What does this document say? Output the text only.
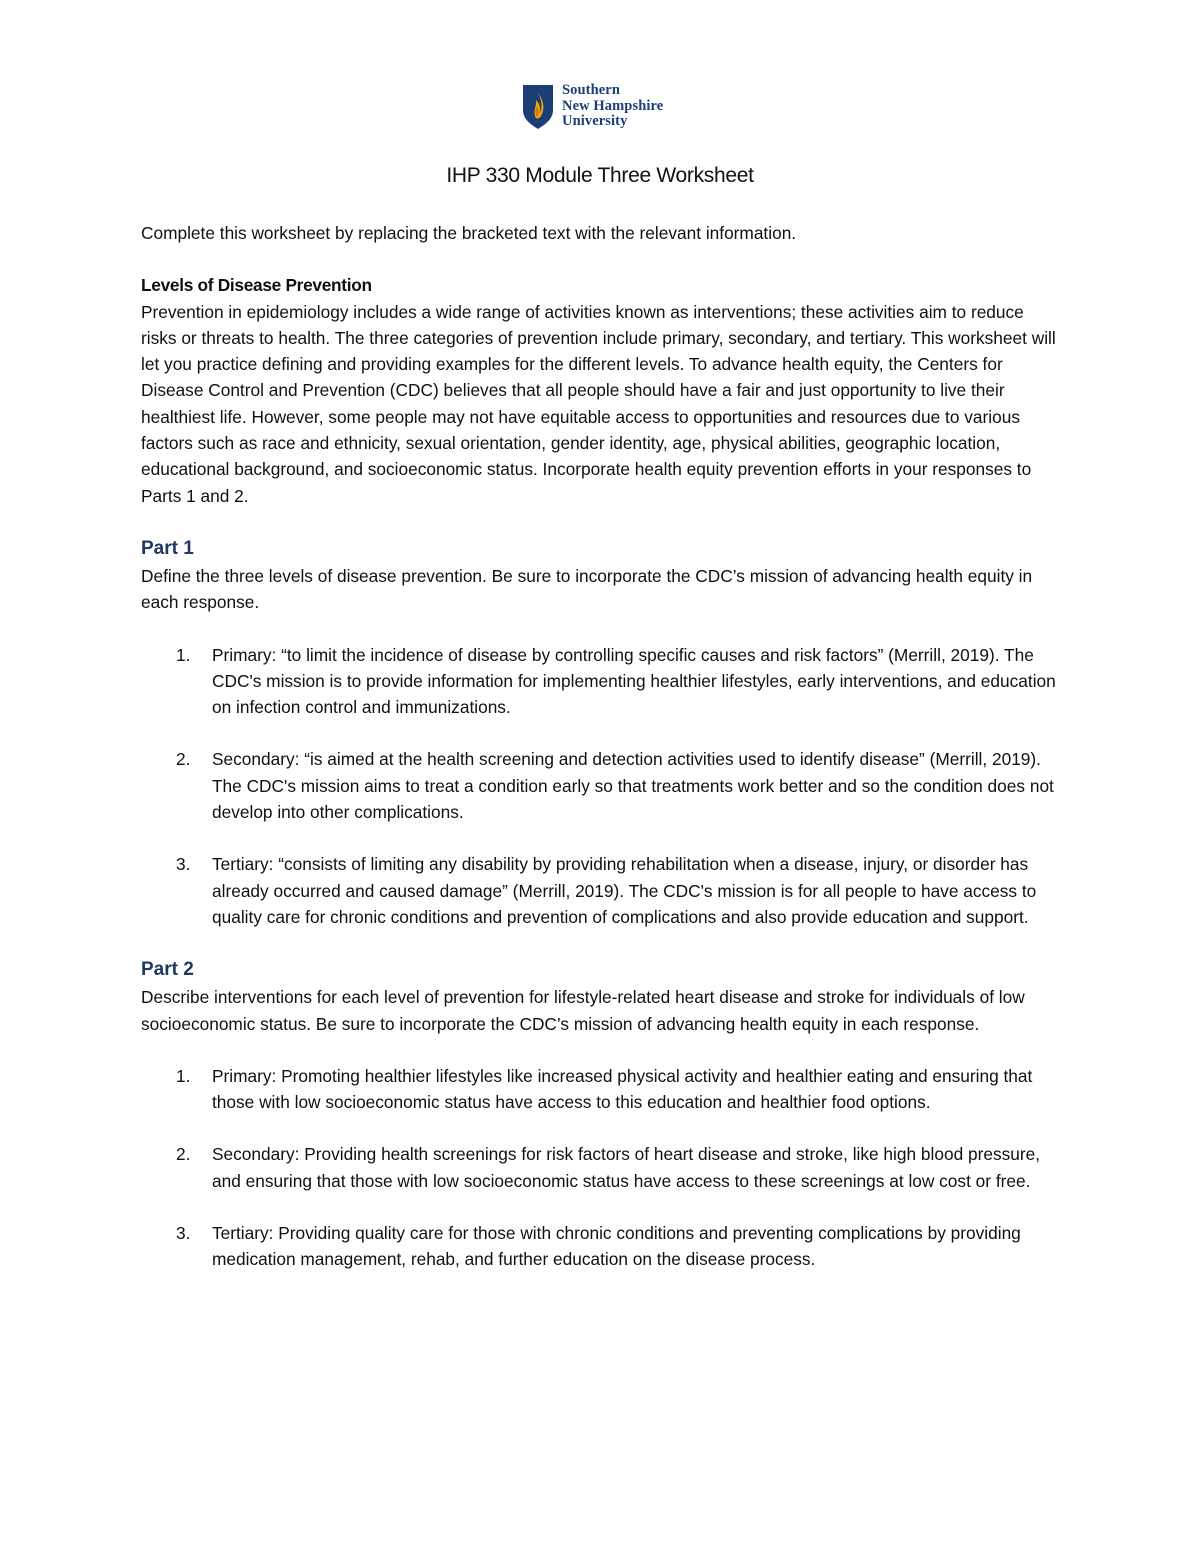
Southern
New Hampshire
University
IHP 330 Module Three Worksheet

Complete this worksheet by replacing the bracketed text with the relevant information.

Levels of Disease Prevention

Prevention in epidemiology includes a wide range of activities known as interventions; these activities aim to reduce risks or threats to health. The three categories of prevention include primary, secondary, and tertiary. This worksheet will let you practice defining and providing examples for the different levels. To advance health equity, the Centers for Disease Control and Prevention (CDC) believes that all people should have a fair and just opportunity to live their healthiest life. However, some people may not have equitable access to opportunities and resources due to various factors such as race and ethnicity, sexual orientation, gender identity, age, physical abilities, geographic location, educational background, and socioeconomic status. Incorporate health equity prevention efforts in your responses to Parts 1 and 2.

Part 1

Define the three levels of disease prevention. Be sure to incorporate the CDC’s mission of advancing health equity in each response.

1. Primary: “to limit the incidence of disease by controlling specific causes and risk factors” (Merrill, 2019). The CDC's mission is to provide information for implementing healthier lifestyles, early interventions, and education on infection control and immunizations.
2. Secondary: “is aimed at the health screening and detection activities used to identify disease” (Merrill, 2019). The CDC's mission aims to treat a condition early so that treatments work better and so the condition does not develop into other complications.
3. Tertiary: “consists of limiting any disability by providing rehabilitation when a disease, injury, or disorder has already occurred and caused damage” (Merrill, 2019). The CDC's mission is for all people to have access to quality care for chronic conditions and prevention of complications and also provide education and support.
Part 2

Describe interventions for each level of prevention for lifestyle-related heart disease and stroke for individuals of low socioeconomic status. Be sure to incorporate the CDC’s mission of advancing health equity in each response.

1. Primary: Promoting healthier lifestyles like increased physical activity and healthier eating and ensuring that those with low socioeconomic status have access to this education and healthier food options.
2. Secondary: Providing health screenings for risk factors of heart disease and stroke, like high blood pressure, and ensuring that those with low socioeconomic status have access to these screenings at low cost or free.
3. Tertiary: Providing quality care for those with chronic conditions and preventing complications by providing medication management, rehab, and further education on the disease process.
